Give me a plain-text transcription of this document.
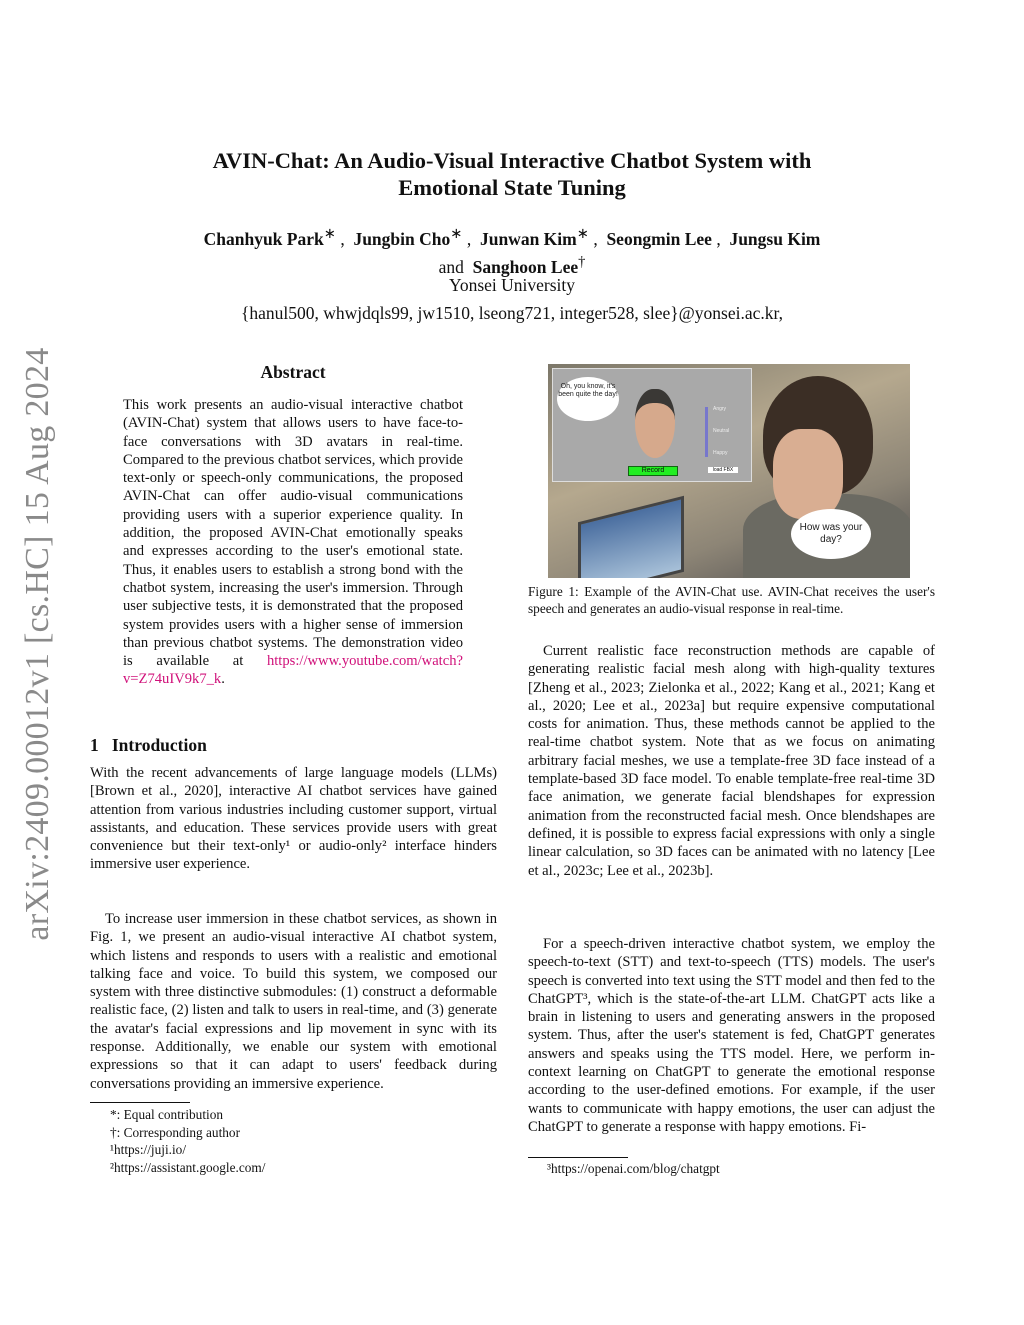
arXiv:2409.00012v1 [cs.HC] 15 Aug 2024
AVIN-Chat: An Audio-Visual Interactive Chatbot System with
Emotional State Tuning
Chanhyuk Park∗ ,  Jungbin Cho∗ ,  Junwan Kim∗ ,  Seongmin Lee ,  Jungsu Kim
and Sanghoon Lee†
Yonsei University
{hanul500, whwjdqls99, jw1510, lseong721, integer528, slee}@yonsei.ac.kr,
Abstract
This work presents an audio-visual interactive chatbot (AVIN-Chat) system that allows users to have face-to-face conversations with 3D avatars in real-time. Compared to the previous chatbot services, which provide text-only or speech-only communications, the proposed AVIN-Chat can offer audio-visual communications providing users with a superior experience quality. In addition, the proposed AVIN-Chat emotionally speaks and expresses according to the user's emotional state. Thus, it enables users to establish a strong bond with the chatbot system, increasing the user's immersion. Through user subjective tests, it is demonstrated that the proposed system provides users with a higher sense of immersion than previous chatbot systems. The demonstration video is available at https://www.youtube.com/watch?v=Z74uIV9k7_k.
1 Introduction
With the recent advancements of large language models (LLMs) [Brown et al., 2020], interactive AI chatbot services have gained attention from various industries including customer support, virtual assistants, and education. These services provide users with great convenience but their text-only¹ or audio-only² interface hinders immersive user experience.
To increase user immersion in these chatbot services, as shown in Fig. 1, we present an audio-visual interactive AI chatbot system, which listens and responds to users with a realistic and emotional talking face and voice. To build this system, we composed our system with three distinctive submodules: (1) construct a deformable realistic face, (2) listen and talk to users in real-time, and (3) generate the avatar's facial expressions and lip movement in sync with its response. Additionally, we enable our system with emotional expressions so that it can adapt to users' feedback during conversations providing an immersive experience.
*: Equal contribution
†: Corresponding author
¹https://juji.io/
²https://assistant.google.com/
Oh, you know, it's been quite the day!
Angry
Neutral
Happy
Record	load FBX
How was your day?
Figure 1: Example of the AVIN-Chat use. AVIN-Chat receives the user's speech and generates an audio-visual response in real-time.
Current realistic face reconstruction methods are capable of generating realistic facial mesh along with high-quality textures [Zheng et al., 2023; Zielonka et al., 2022; Kang et al., 2021; Kang et al., 2020; Lee et al., 2023a] but require expensive computational costs for animation. Thus, these methods cannot be applied to the real-time chatbot system. Note that as we focus on animating arbitrary facial meshes, we use a template-free 3D face instead of a template-based 3D face model. To enable template-free real-time 3D face animation, we generate facial blendshapes for expression animation from the reconstructed facial mesh. Once blendshapes are defined, it is possible to express facial expressions with only a single linear calculation, so 3D faces can be animated with no latency [Lee et al., 2023c; Lee et al., 2023b].
For a speech-driven interactive chatbot system, we employ the speech-to-text (STT) and text-to-speech (TTS) models. The user's speech is converted into text using the STT model and then fed to the ChatGPT³, which is the state-of-the-art LLM. ChatGPT acts like a brain in listening to users and generating answers in the proposed system. Thus, after the user's statement is fed, ChatGPT generates answers and speaks using the TTS model. Here, we perform in-context learning on ChatGPT to generate the emotional response according to the user-defined emotions. For example, if the user wants to communicate with happy emotions, the user can adjust the ChatGPT to generate a response with happy emotions. Fi-
³https://openai.com/blog/chatgpt
